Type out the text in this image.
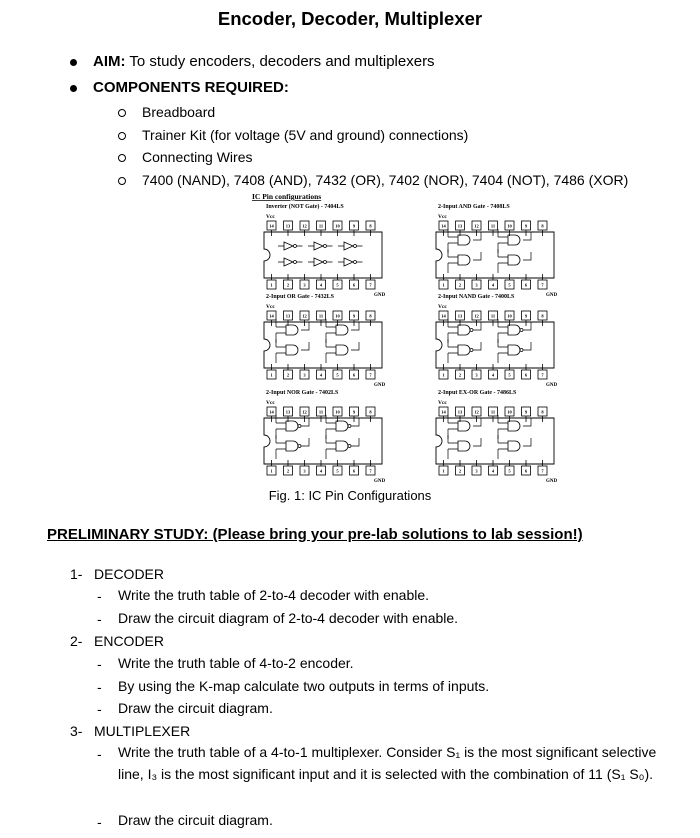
Encoder, Decoder, Multiplexer
AIM: To study encoders, decoders and multiplexers
COMPONENTS REQUIRED:
Breadboard
Trainer Kit (for voltage (5V and ground) connections)
Connecting Wires
7400 (NAND), 7408 (AND), 7432 (OR), 7402 (NOR), 7404 (NOT), 7486 (XOR)
IC Pin configurations
Inverter (NOT Gate) - 7404LS
Vcc
14
1
13
2
12
3
11
4
10
5
9
6
8
7
GND
2-Input AND Gate - 7408LS
Vcc
14
1
13
2
12
3
11
4
10
5
9
6
8
7
GND
2-Input OR Gate - 7432LS
Vcc
14
1
13
2
12
3
11
4
10
5
9
6
8
7
GND
2-Input NAND Gate - 7400LS
Vcc
14
1
13
2
12
3
11
4
10
5
9
6
8
7
GND
2-Input NOR Gate - 7402LS
Vcc
14
1
13
2
12
3
11
4
10
5
9
6
8
7
GND
2-Input EX-OR Gate - 7486LS
Vcc
14
1
13
2
12
3
11
4
10
5
9
6
8
7
GND
Fig. 1: IC Pin Configurations
PRELIMINARY STUDY: (Please bring your pre-lab solutions to lab session!)
1- DECODER
- Write the truth table of 2-to-4 decoder with enable.
- Draw the circuit diagram of 2-to-4 decoder with enable.
2- ENCODER
- Write the truth table of 4-to-2 encoder.
- By using the K-map calculate two outputs in terms of inputs.
- Draw the circuit diagram.
3- MULTIPLEXER
- Write the truth table of a 4-to-1 multiplexer. Consider S₁ is the most significant selective line, I₃ is the most significant input and it is selected with the combination of 11 (S₁ S₀).
- Draw the circuit diagram.
